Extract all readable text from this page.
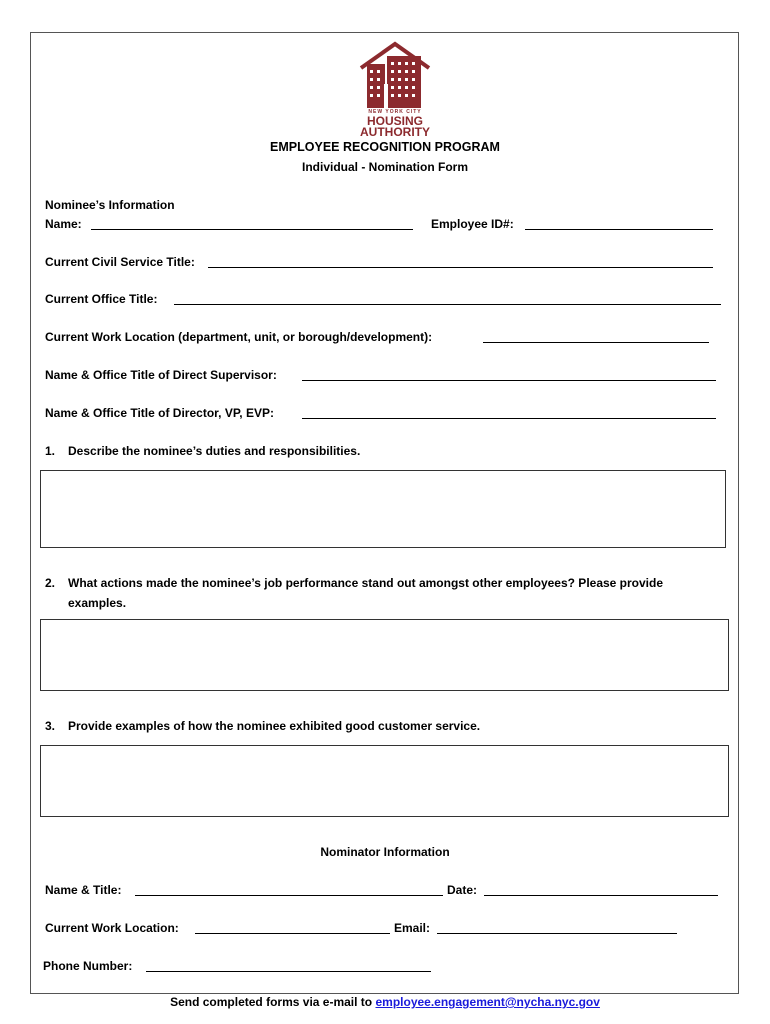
NEW YORK CITY
HOUSING
AUTHORITY
EMPLOYEE RECOGNITION PROGRAM
Individual - Nomination Form
Nominee’s Information
Name:	Employee ID#:
Current Civil Service Title:
Current Office Title:
Current Work Location (department, unit, or borough/development):
Name & Office Title of Direct Supervisor:
Name & Office Title of Director, VP, EVP:
1. Describe the nominee’s duties and responsibilities.
2. What actions made the nominee’s job performance stand out amongst other employees? Please provide
examples.
3. Provide examples of how the nominee exhibited good customer service.
Nominator Information
Name & Title:	Date:
Current Work Location:	Email:
Phone Number:
Send completed forms via e-mail to employee.engagement@nycha.nyc.gov
